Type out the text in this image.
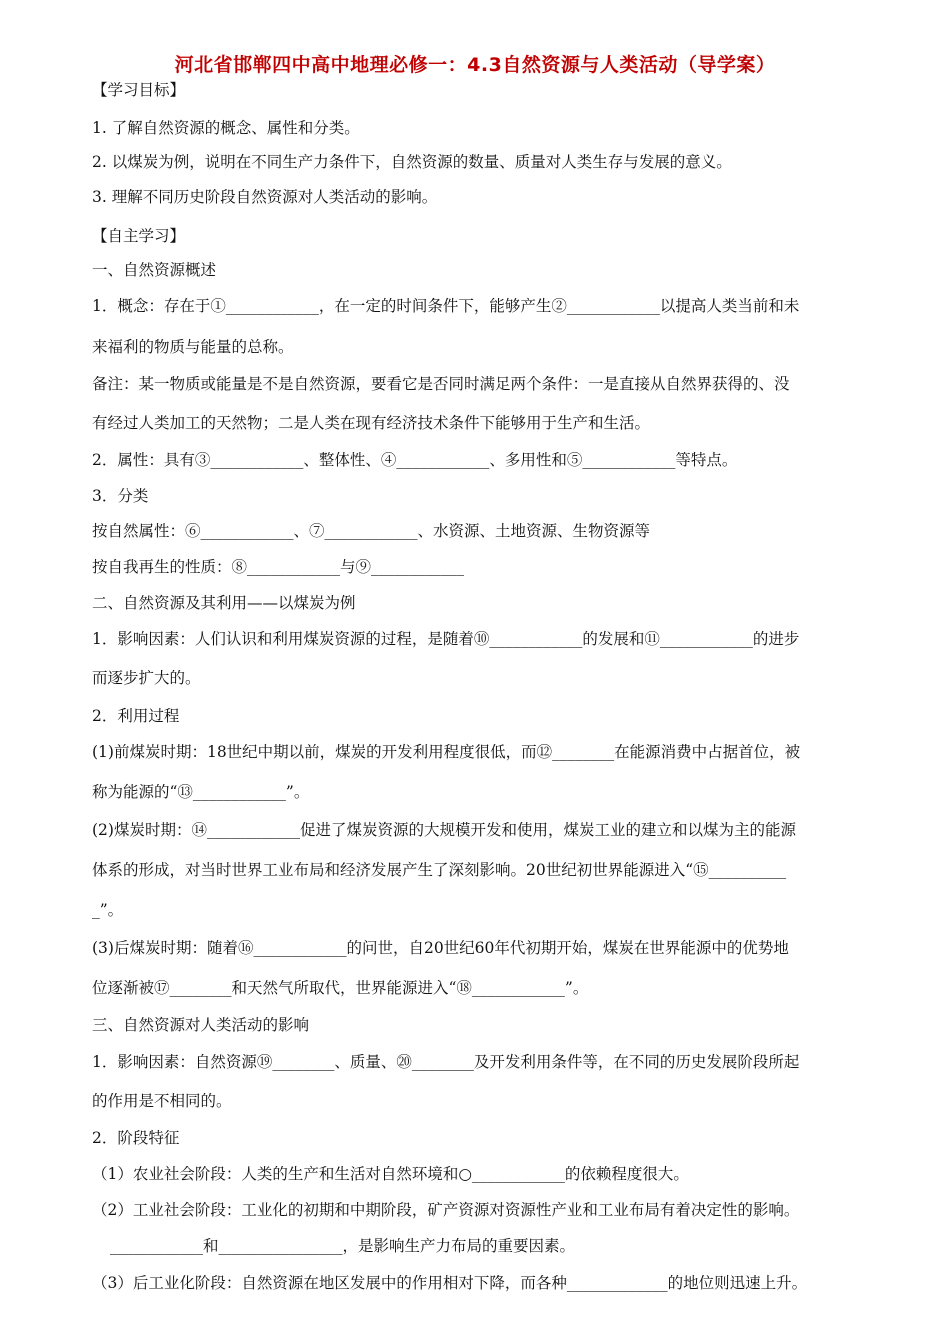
河北省邯郸四中高中地理必修一：4.3自然资源与人类活动（导学案）
【学习目标】
1. 了解自然资源的概念、属性和分类。
2. 以煤炭为例，说明在不同生产力条件下，自然资源的数量、质量对人类生存与发展的意义。
3. 理解不同历史阶段自然资源对人类活动的影响。
【自主学习】
一、自然资源概述
1．概念：存在于①____________，在一定的时间条件下，能够产生②____________以提高人类当前和未
来福利的物质与能量的总称。
备注：某一物质或能量是不是自然资源，要看它是否同时满足两个条件：一是直接从自然界获得的、没
有经过人类加工的天然物；二是人类在现有经济技术条件下能够用于生产和生活。
2．属性：具有③____________、整体性、④____________、多用性和⑤____________等特点。
3．分类
按自然属性：⑥____________、⑦____________、水资源、土地资源、生物资源等
按自我再生的性质：⑧____________与⑨____________
二、自然资源及其利用——以煤炭为例
1．影响因素：人们认识和利用煤炭资源的过程，是随着⑩____________的发展和⑪____________的进步
而逐步扩大的。
2．利用过程
(1)前煤炭时期：18世纪中期以前，煤炭的开发利用程度很低，而⑫________在能源消费中占据首位，被
称为能源的“⑬____________”。
(2)煤炭时期：⑭____________促进了煤炭资源的大规模开发和使用，煤炭工业的建立和以煤为主的能源
体系的形成，对当时世界工业布局和经济发展产生了深刻影响。20世纪初世界能源进入“⑮__________
_”。
(3)后煤炭时期：随着⑯____________的问世，自20世纪60年代初期开始，煤炭在世界能源中的优势地
位逐渐被⑰________和天然气所取代，世界能源进入“⑱____________”。
三、自然资源对人类活动的影响
1．影响因素：自然资源⑲________、质量、⑳________及开发利用条件等，在不同的历史发展阶段所起
的作用是不相同的。
2．阶段特征
（1）农业社会阶段：人类的生产和生活对自然环境和○____________的依赖程度很大。
（2）工业社会阶段：工业化的初期和中期阶段，矿产资源对资源性产业和工业布局有着决定性的影响。
____________和________________，是影响生产力布局的重要因素。
（3）后工业化阶段：自然资源在地区发展中的作用相对下降，而各种_____________的地位则迅速上升。
